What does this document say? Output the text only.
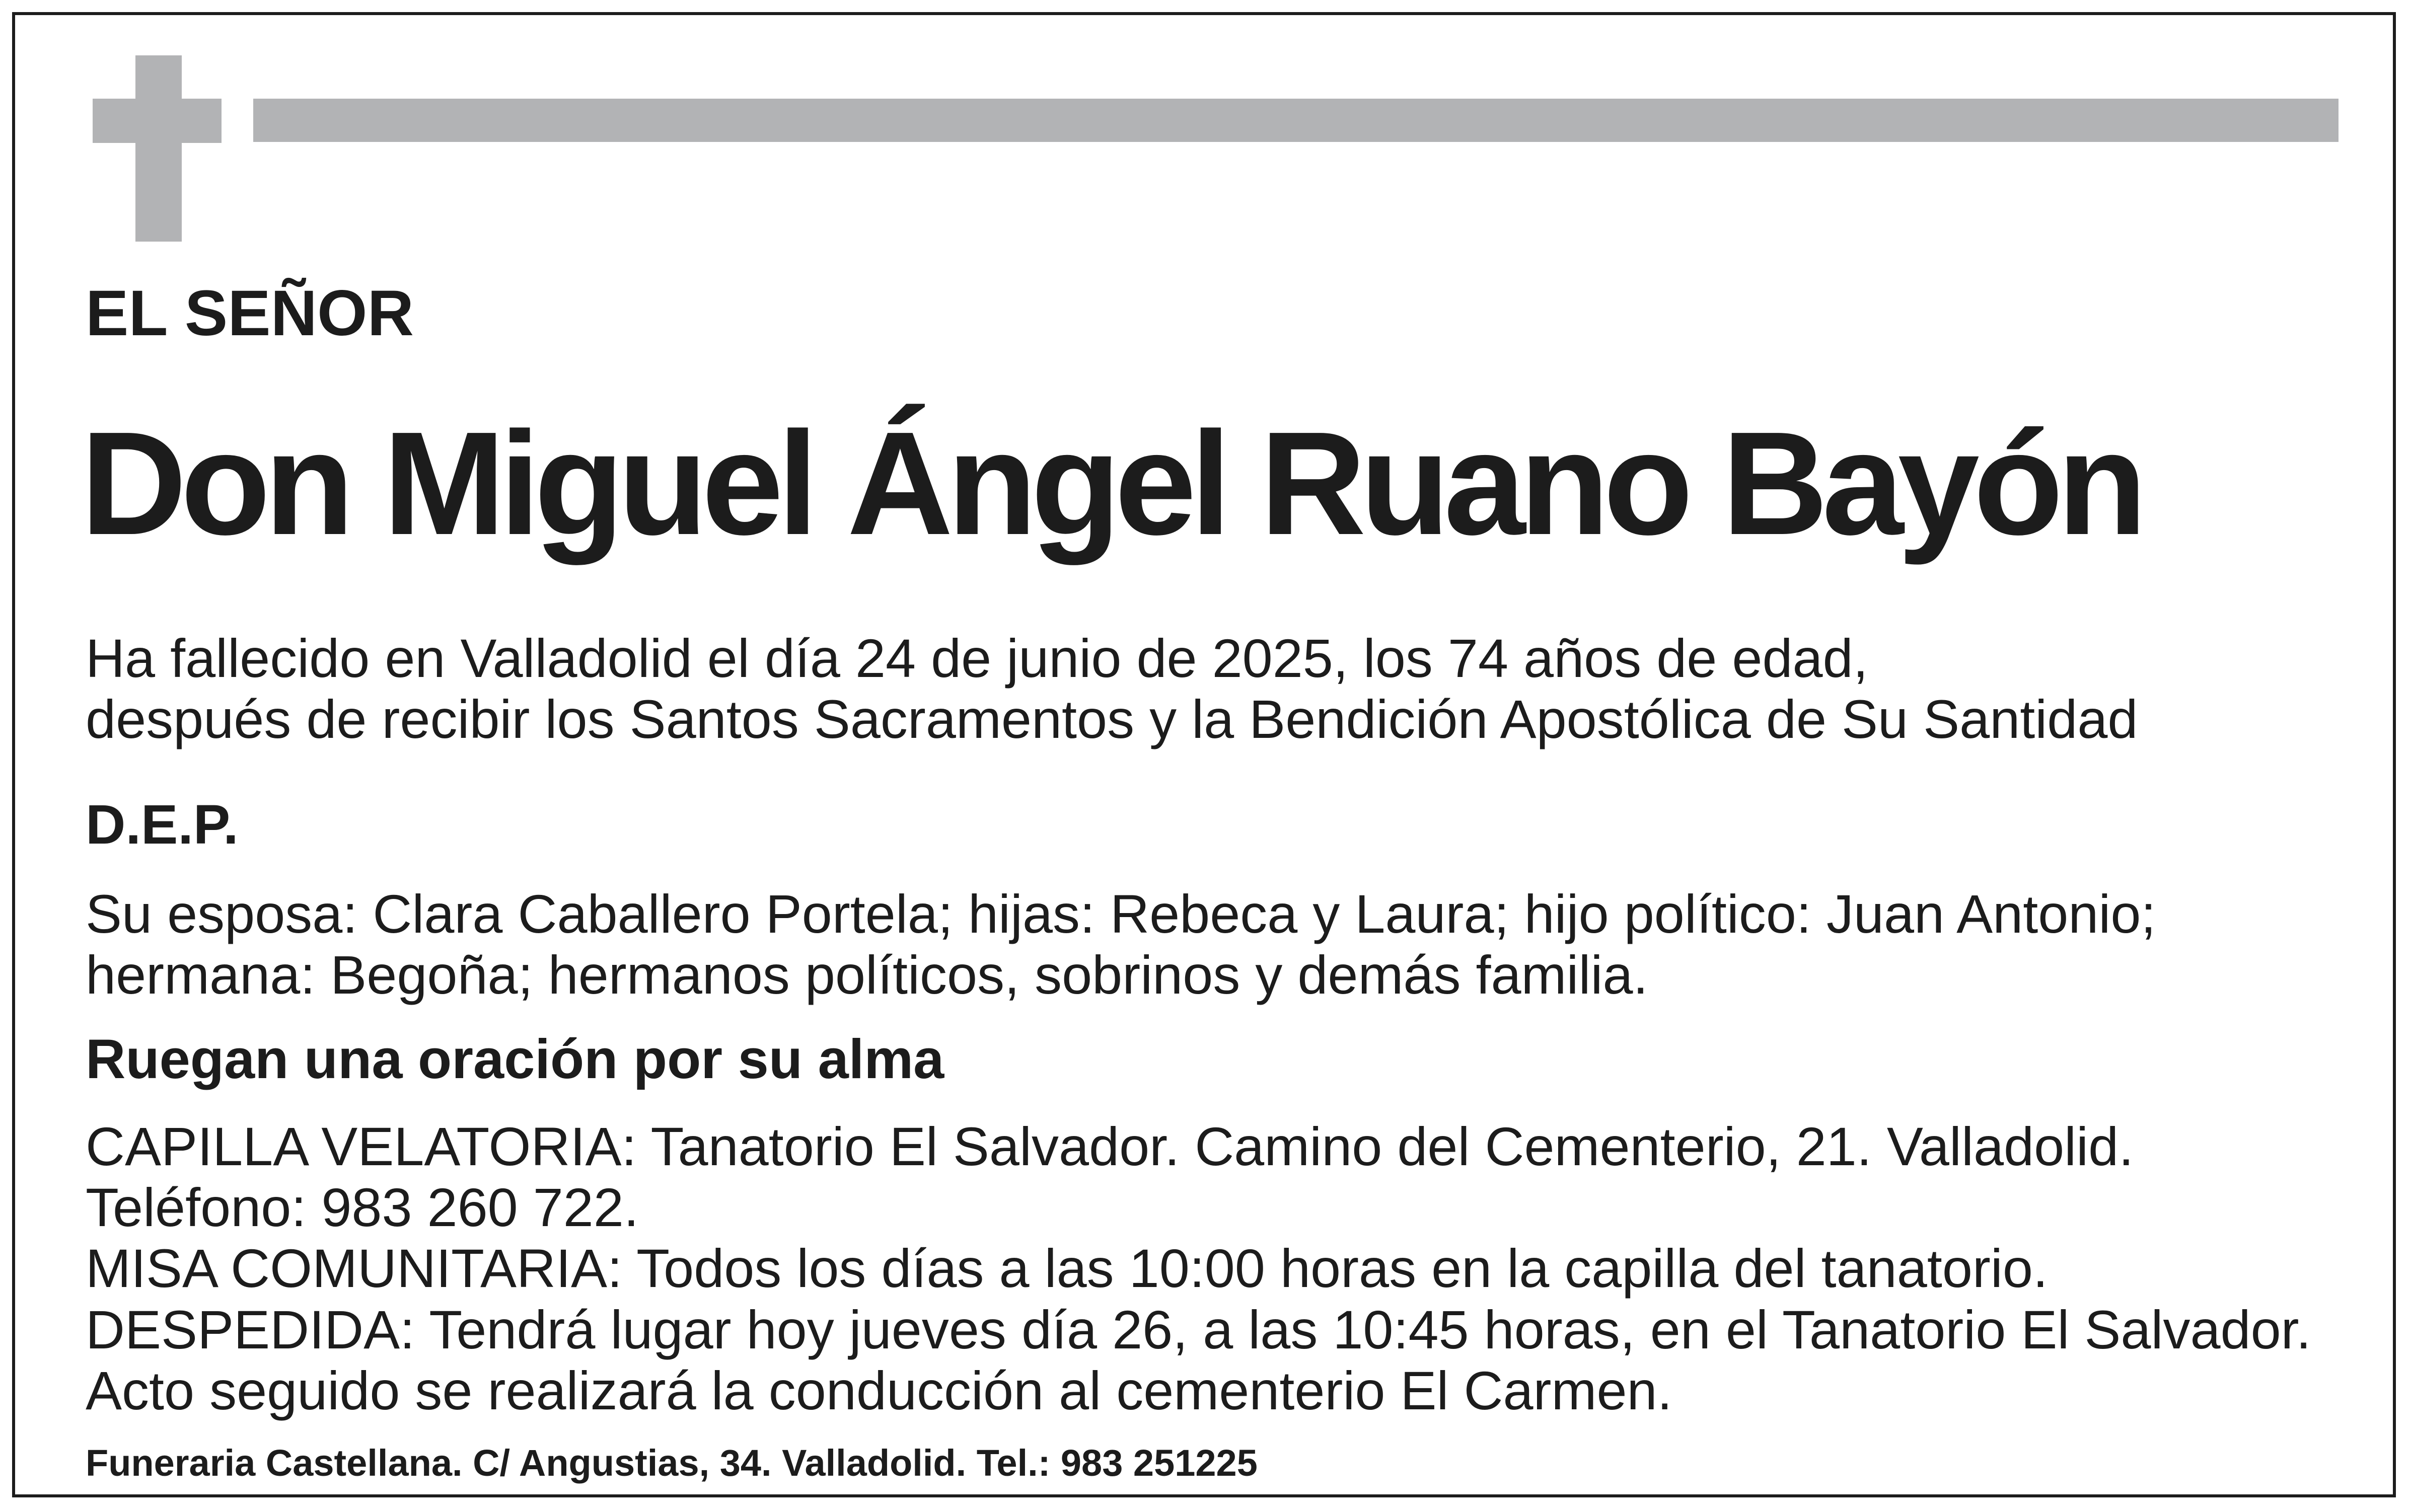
EL SEÑOR
Don Miguel Ángel Ruano Bayón
Ha fallecido en Valladolid el día 24 de junio de 2025, los 74 años de edad,
después de recibir los Santos Sacramentos y la Bendición Apostólica de Su Santidad
D.E.P.
Su esposa: Clara Caballero Portela; hijas: Rebeca y Laura; hijo político: Juan Antonio;
hermana: Begoña; hermanos políticos, sobrinos y demás familia.
Ruegan una oración por su alma
CAPILLA VELATORIA: Tanatorio El Salvador. Camino del Cementerio, 21. Valladolid.
Teléfono: 983 260 722.
MISA COMUNITARIA: Todos los días a las 10:00 horas en la capilla del tanatorio.
DESPEDIDA: Tendrá lugar hoy jueves día 26, a las 10:45 horas, en el Tanatorio El Salvador.
Acto seguido se realizará la conducción al cementerio El Carmen.
Funeraria Castellana. C/ Angustias, 34. Valladolid. Tel.: 983 251225
